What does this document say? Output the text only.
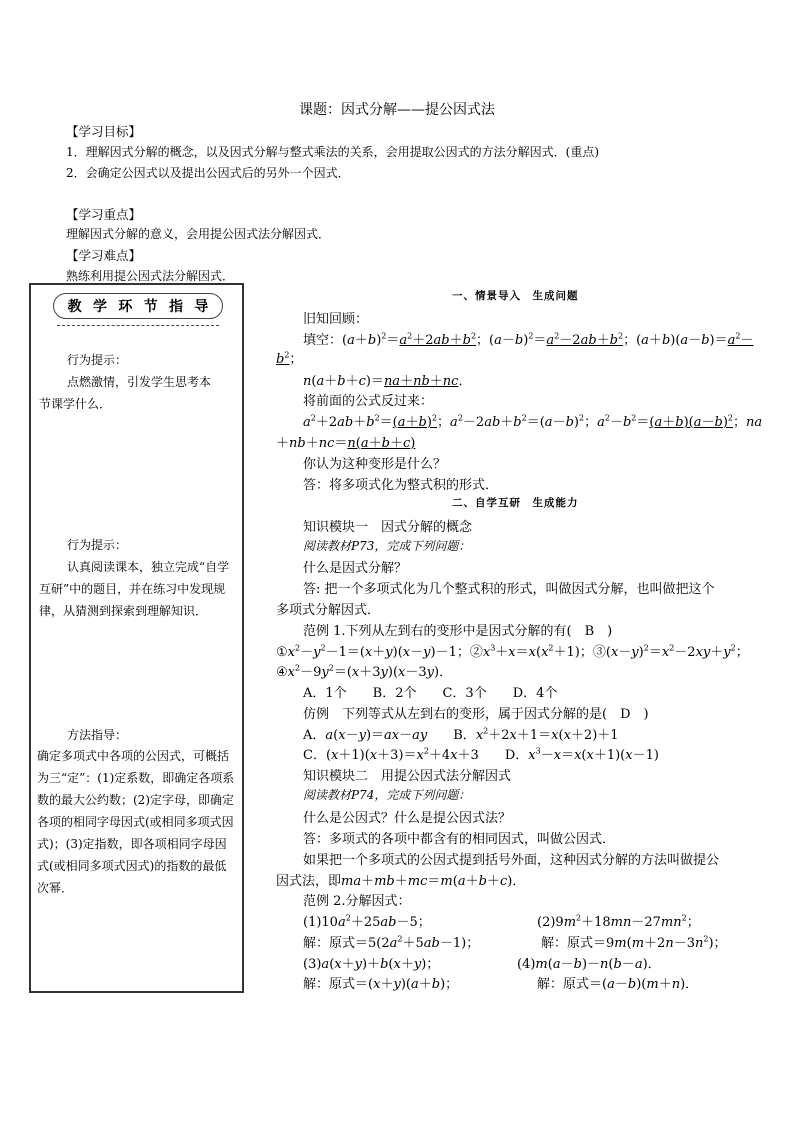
课题：因式分解——提公因式法
【学习目标】
1．理解因式分解的概念，以及因式分解与整式乘法的关系，会用提取公因式的方法分解因式．(重点)
2．会确定公因式以及提出公因式后的另外一个因式．
【学习重点】
理解因式分解的意义，会用提公因式法分解因式．
【学习难点】
熟练利用提公因式法分解因式．
教 学 环 节 指 导
行为提示：
点燃激情，引发学生思考本节课学什么．
行为提示：
认真阅读课本，独立完成“自学互研”中的题目，并在练习中发现规律，从猜测到探索到理解知识．
方法指导：
确定多项式中各项的公因式，可概括为三“定”：(1)定系数，即确定各项系数的最大公约数；(2)定字母，即确定各项的相同字母因式(或相同多项式因式)；(3)定指数，即各项相同字母因式(或相同多项式因式)的指数的最低次幂．
一、情景导入　生成问题
旧知回顾：
填空：$(a+b)^2=a^2+2ab+b^2$；$(a-b)^2=a^2-2ab+b^2$；$(a+b)(a-b)=a^2-$
$b^2$；
n(a＋b＋c)＝na＋nb＋nc．
将前面的公式反过来：
$a^2+2ab+b^2=(a+b)^2$；$a^2-2ab+b^2=(a-b)^2$；$a^2-b^2=(a+b)(a-b)^2$；na
＋nb＋nc＝n(a＋b＋c)
你认为这种变形是什么？
答：将多项式化为整式积的形式．
二、自学互研　生成能力
知识模块一　因式分解的概念
阅读教材P73，完成下列问题：
什么是因式分解？
答: 把一个多项式化为几个整式积的形式，叫做因式分解，也叫做把这个
多项式分解因式．
范例 1.下列从左到右的变形中是因式分解的有(　B　)
$①x^2-y^2-1=(x+y)(x-y)-1$；$②x^3+x=x(x^2+1)$；$③(x-y)^2=x^2-2xy+y^2$；
$④x^2-9y^2=(x+3y)(x-3y)$．
A．1个　　B．2个　　C．3个　　D．4个
仿例　下列等式从左到右的变形，属于因式分解的是(　D　)
A．a(x－y)＝ax－ay　　B．$x^2+2x+1=x(x+2)+1$
C．$(x+1)(x+3)=x^2+4x+3$　　D．$x^3-x=x(x+1)(x-1)$
知识模块二　用提公因式法分解因式
阅读教材P74，完成下列问题：
什么是公因式？什么是提公因式法？
答：多项式的各项中都含有的相同因式，叫做公因式．
如果把一个多项式的公因式提到括号外面，这种因式分解的方法叫做提公
因式法，即ma＋mb＋mc＝m(a＋b＋c)．
范例 2.分解因式：
$(1)10a^2+25ab-5$；	$(2)9m^2+18mn-27mn^2$；
解：原式$=5(2a^2+5ab-1)$；	解：原式$=9m(m+2n-3n^2)$；
(3)a(x＋y)＋b(x＋y)；	(4)m(a－b)－n(b－a)．
解：原式＝(x＋y)(a＋b)；	解：原式＝(a－b)(m＋n)．
